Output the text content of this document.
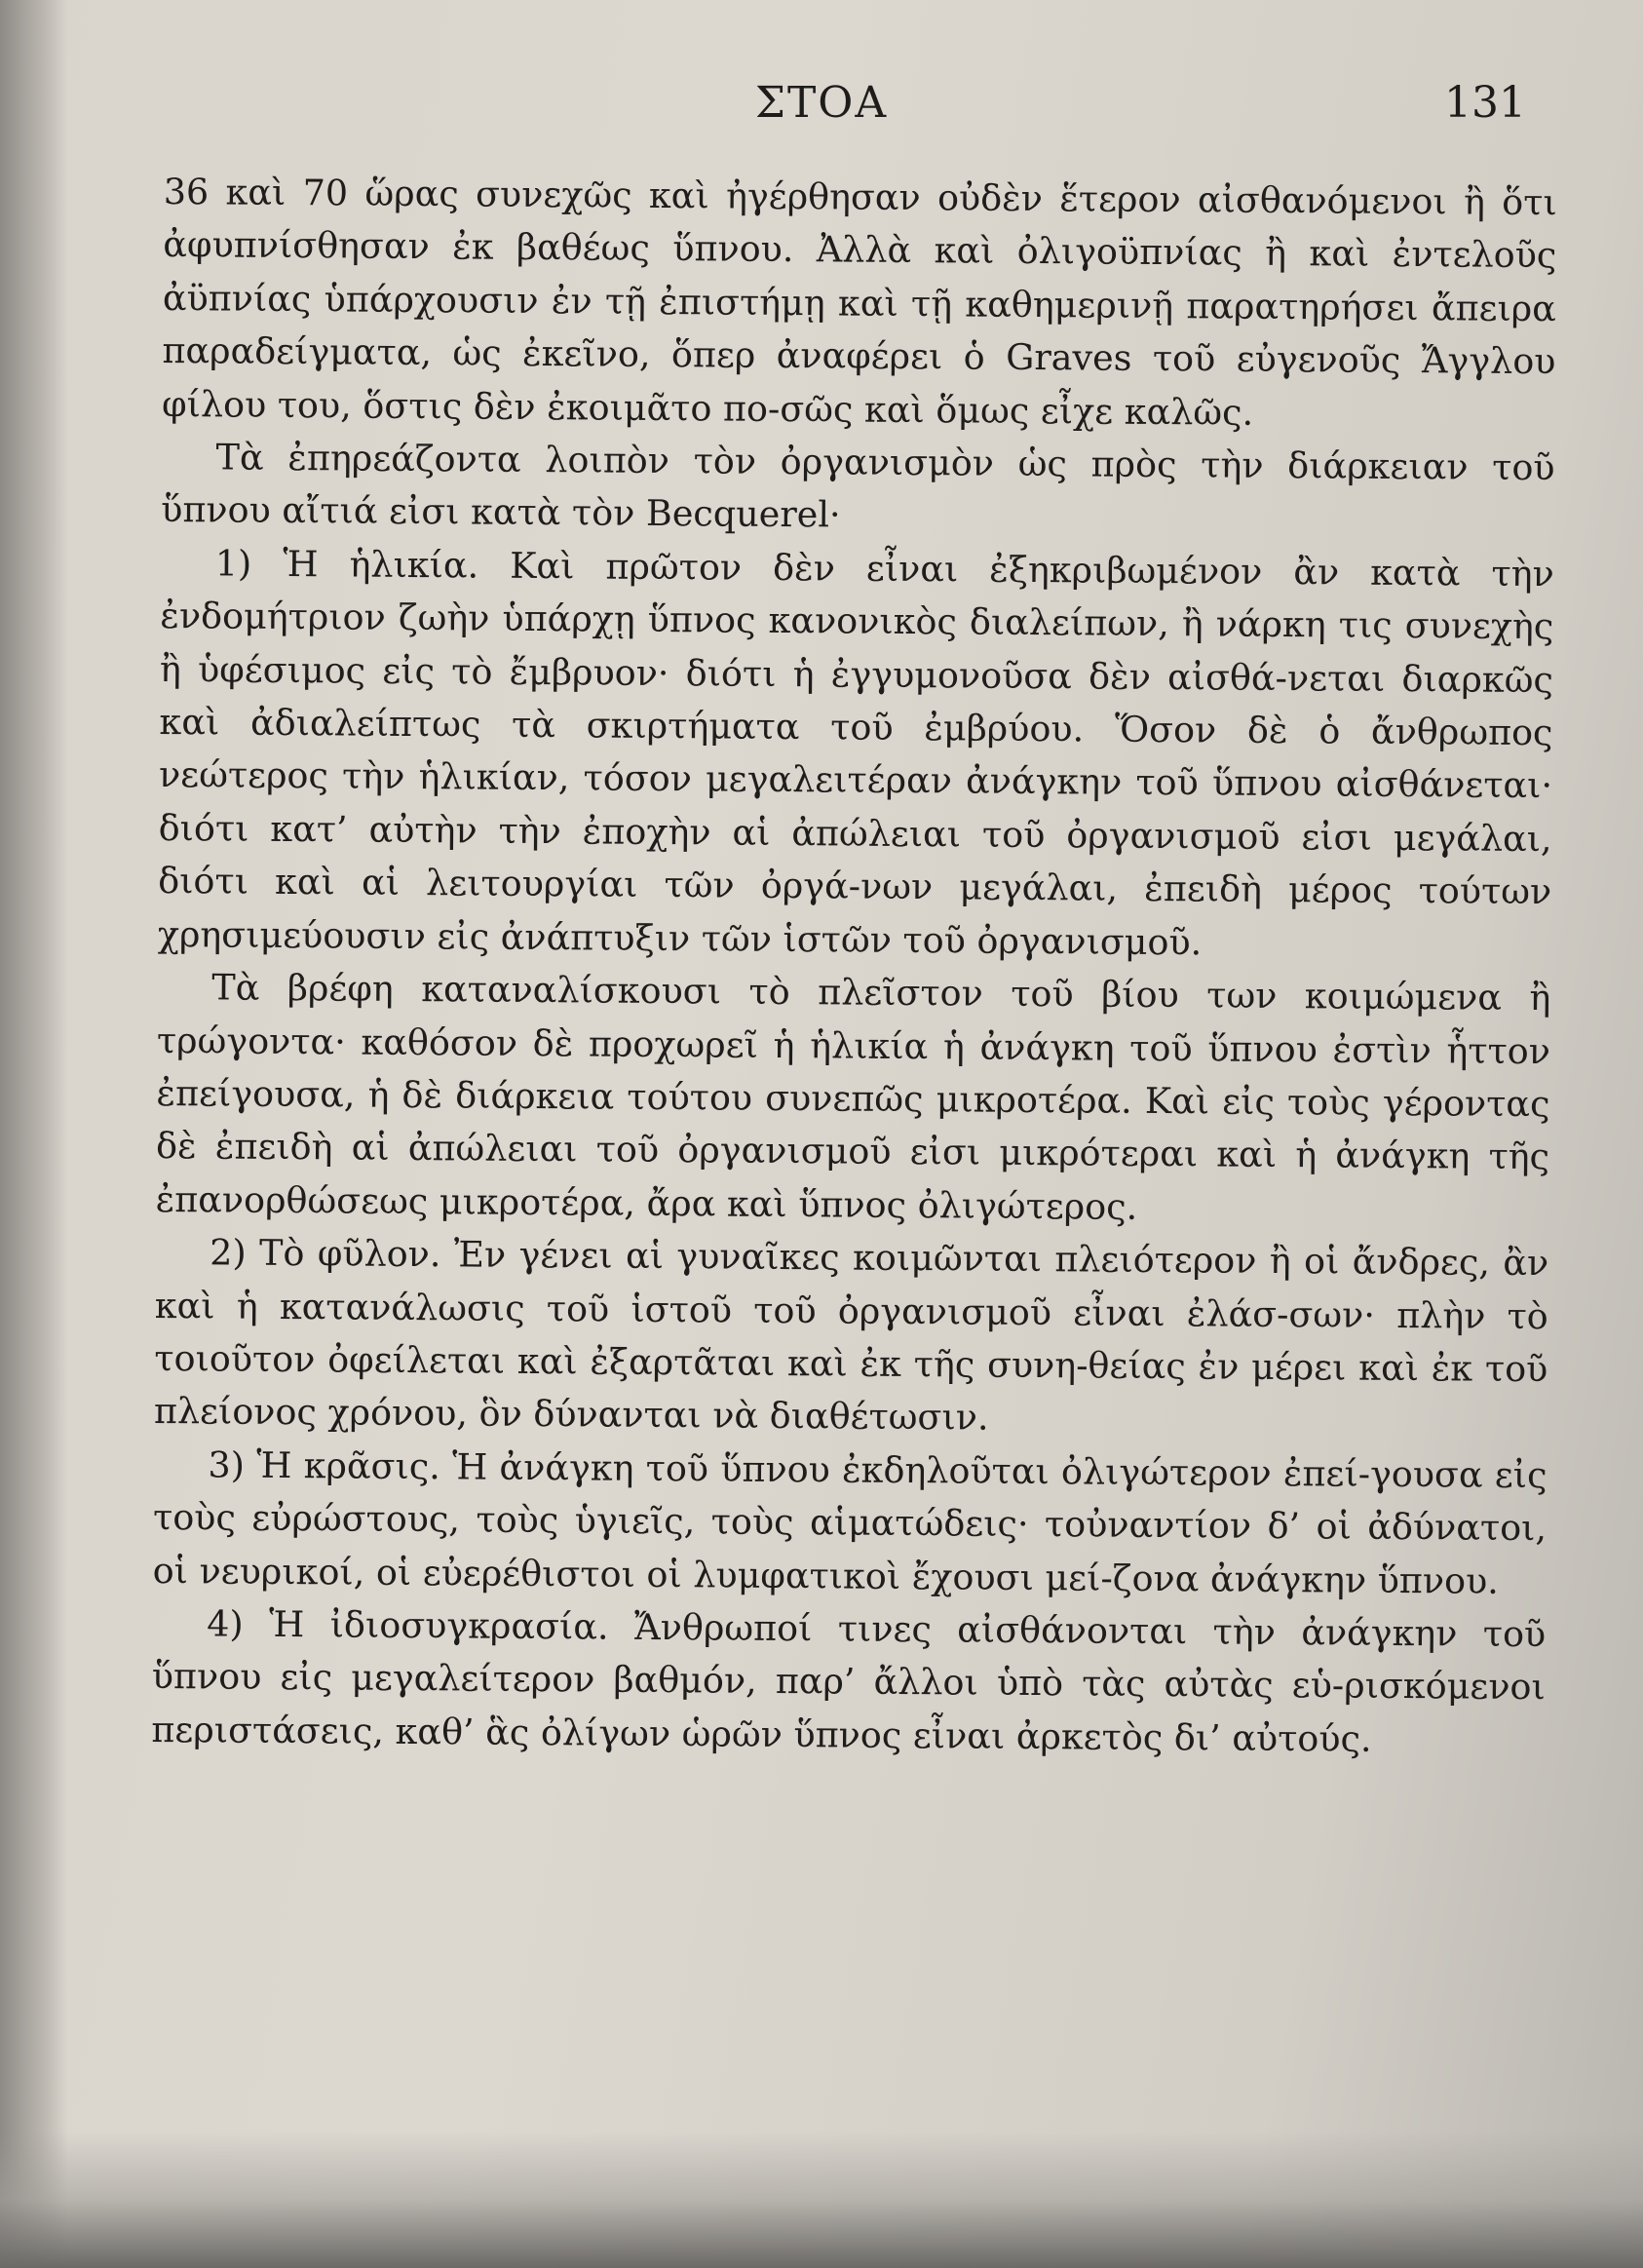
ΣΤΟΑ	131

36 καὶ 70 ὥρας συνεχῶς καὶ ἠγέρθησαν οὐδὲν ἕτερον αἰσθανόμενοι ἢ ὅτι ἀφυπνίσθησαν ἐκ βαθέως ὕπνου. Ἀλλὰ καὶ ὀλιγοϋπνίας ἢ καὶ ἐντελοῦς ἀϋπνίας ὑπάρχουσιν ἐν τῇ ἐπιστήμῃ καὶ τῇ καθημερινῇ παρατηρήσει ἄπειρα παραδείγματα, ὡς ἐκεῖνο, ὅπερ ἀναφέρει ὁ Graves τοῦ εὐγενοῦς Ἄγγλου φίλου του, ὅστις δὲν ἐκοιμᾶτο πο-σῶς καὶ ὅμως εἶχε καλῶς.

Τὰ ἐπηρεάζοντα λοιπὸν τὸν ὀργανισμὸν ὡς πρὸς τὴν διάρκειαν τοῦ ὕπνου αἴτιά εἰσι κατὰ τὸν Becquerel·

1) Ἡ ἡλικία. Καὶ πρῶτον δὲν εἶναι ἐξηκριβωμένον ἂν κατὰ τὴν ἐνδομήτριον ζωὴν ὑπάρχῃ ὕπνος κανονικὸς διαλείπων, ἢ νάρκη τις συνεχὴς ἢ ὑφέσιμος εἰς τὸ ἔμβρυον· διότι ἡ ἐγγυμονοῦσα δὲν αἰσθά-νεται διαρκῶς καὶ ἀδιαλείπτως τὰ σκιρτήματα τοῦ ἐμβρύου. Ὅσον δὲ ὁ ἄνθρωπος νεώτερος τὴν ἡλικίαν, τόσον μεγαλειτέραν ἀνάγκην τοῦ ὕπνου αἰσθάνεται· διότι κατ’ αὐτὴν τὴν ἐποχὴν αἱ ἀπώλειαι τοῦ ὀργανισμοῦ εἰσι μεγάλαι, διότι καὶ αἱ λειτουργίαι τῶν ὀργά-νων μεγάλαι, ἐπειδὴ μέρος τούτων χρησιμεύουσιν εἰς ἀνάπτυξιν τῶν ἱστῶν τοῦ ὀργανισμοῦ.

Τὰ βρέφη καταναλίσκουσι τὸ πλεῖστον τοῦ βίου των κοιμώμενα ἢ τρώγοντα· καθόσον δὲ προχωρεῖ ἡ ἡλικία ἡ ἀνάγκη τοῦ ὕπνου ἐστὶν ἧττον ἐπείγουσα, ἡ δὲ διάρκεια τούτου συνεπῶς μικροτέρα. Καὶ εἰς τοὺς γέροντας δὲ ἐπειδὴ αἱ ἀπώλειαι τοῦ ὀργανισμοῦ εἰσι μικρότεραι καὶ ἡ ἀνάγκη τῆς ἐπανορθώσεως μικροτέρα, ἄρα καὶ ὕπνος ὀλιγώτερος.

2) Τὸ φῦλον. Ἐν γένει αἱ γυναῖκες κοιμῶνται πλειότερον ἢ οἱ ἄνδρες, ἂν καὶ ἡ κατανάλωσις τοῦ ἱστοῦ τοῦ ὀργανισμοῦ εἶναι ἐλάσ-σων· πλὴν τὸ τοιοῦτον ὀφείλεται καὶ ἐξαρτᾶται καὶ ἐκ τῆς συνη-θείας ἐν μέρει καὶ ἐκ τοῦ πλείονος χρόνου, ὃν δύνανται νὰ διαθέτωσιν.

3) Ἡ κρᾶσις. Ἡ ἀνάγκη τοῦ ὕπνου ἐκδηλοῦται ὀλιγώτερον ἐπεί-γουσα εἰς τοὺς εὐρώστους, τοὺς ὑγιεῖς, τοὺς αἱματώδεις· τοὐναντίον δ’ οἱ ἀδύνατοι, οἱ νευρικοί, οἱ εὐερέθιστοι οἱ λυμφατικοὶ ἔχουσι μεί-ζονα ἀνάγκην ὕπνου.

4) Ἡ ἰδιοσυγκρασία. Ἄνθρωποί τινες αἰσθάνονται τὴν ἀνάγκην τοῦ ὕπνου εἰς μεγαλείτερον βαθμόν, παρ’ ἄλλοι ὑπὸ τὰς αὐτὰς εὑ-ρισκόμενοι περιστάσεις, καθ’ ἃς ὀλίγων ὡρῶν ὕπνος εἶναι ἀρκετὸς δι’ αὐτούς.
